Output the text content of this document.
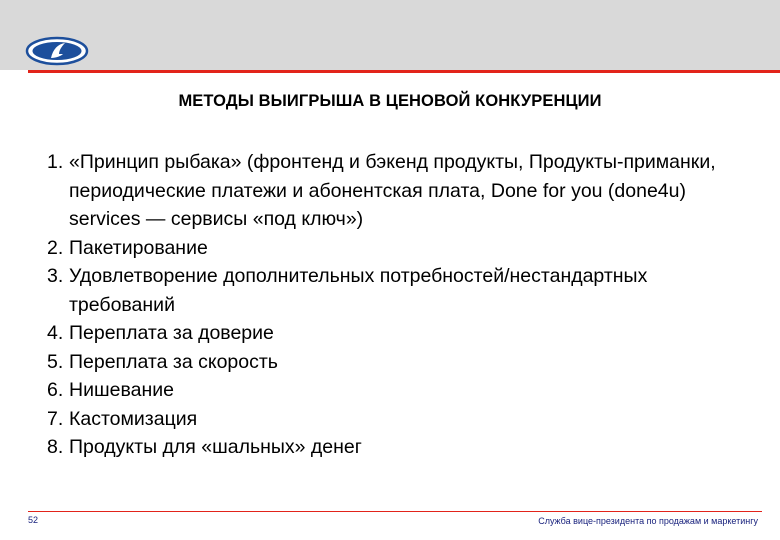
МЕТОДЫ ВЫИГРЫША В ЦЕНОВОЙ КОНКУРЕНЦИИ
1. «Принцип рыбака» (фронтенд и бэкенд продукты, Продукты-приманки, периодические платежи и абонентская плата, Done for you (done4u) services — сервисы «под ключ»)
2. Пакетирование
3. Удовлетворение дополнительных потребностей/нестандартных требований
4. Переплата за доверие
5. Переплата за скорость
6. Нишевание
7. Кастомизация
8. Продукты для «шальных» денег
52	Служба вице-президента по продажам и маркетингу
